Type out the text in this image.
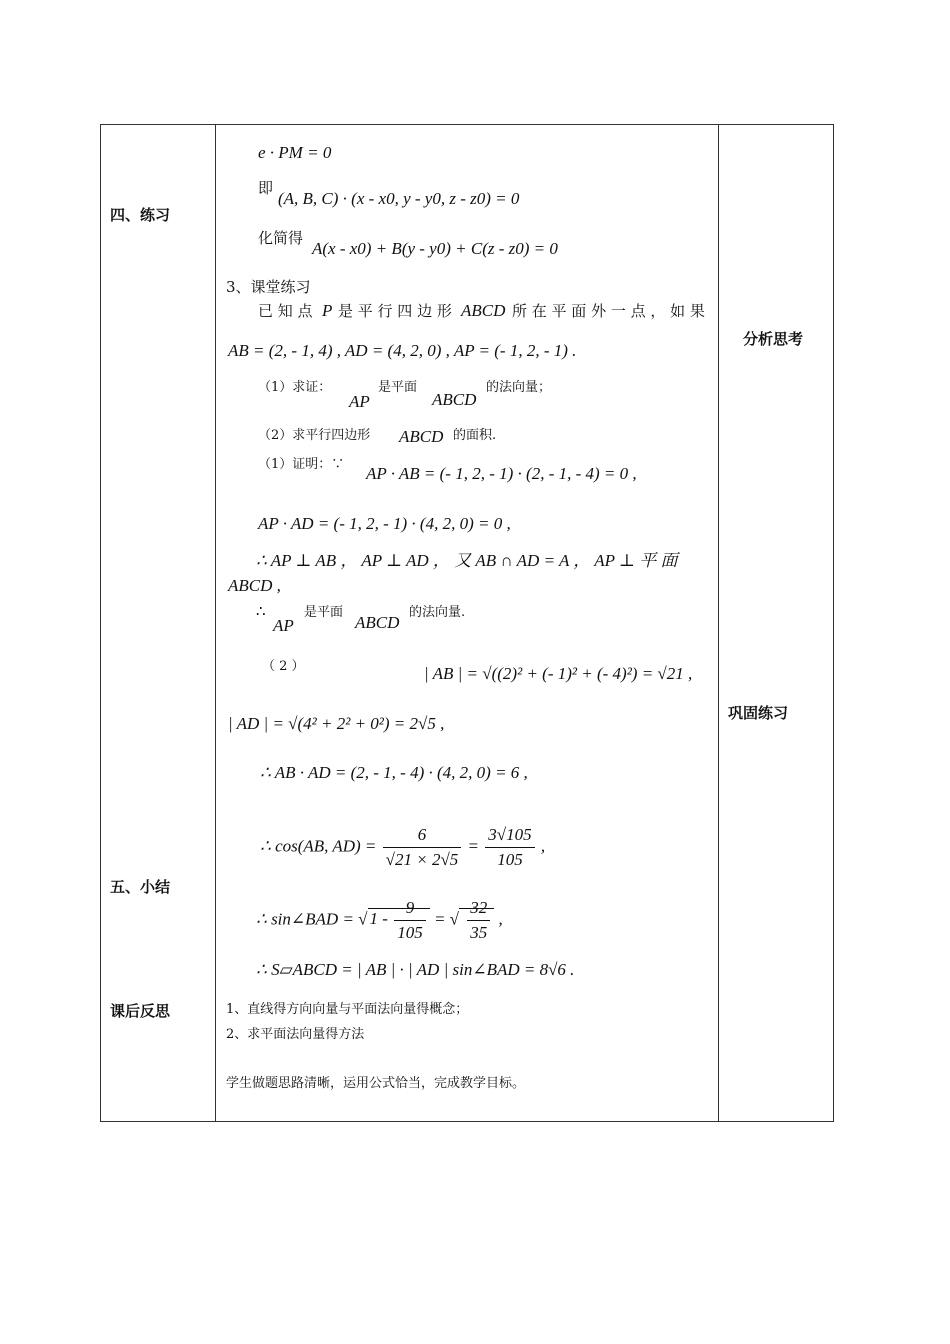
四、练习
五、小结
课后反思
分析思考
巩固练习
e · PM = 0
即
(A, B, C) · (x - x0, y - y0, z - z0) = 0
化简得
A(x - x0) + B(y - y0) + C(z - z0) = 0
3、课堂练习
已 知 点 P 是 平 行 四 边 形 ABCD 所 在 平 面 外 一 点 ， 如 果
AB = (2, - 1, 4) , AD = (4, 2, 0) , AP = (- 1, 2, - 1) .
（1）求证：
AP
是平面
ABCD
的法向量；
（2）求平行四边形 ABCD 的面积.
（1）证明：∵ AP · AB = (- 1, 2, - 1) · (2, - 1, - 4) = 0 ,
AP · AD = (- 1, 2, - 1) · (4, 2, 0) = 0 ,
∴ AP ⊥ AB ， AP ⊥ AD ， 又 AB ∩ AD = A ， AP ⊥ 平 面
ABCD ,
∴
AP
是平面
ABCD
的法向量.
（ 2 ）	| AB | = √((2)² + (- 1)² + (- 4)²) = √21 ,
| AD | = √(4² + 2² + 0²) = 2√5 ,
∴ AB · AD = (2, - 1, - 4) · (4, 2, 0) = 6 ,
∴ cos(AB, $AD) = \frac{6}{√21 \times 2√5} = \frac{3√105}{105}$ ,
∴ sin∠BAD = √ $1 - \frac{9}{105}$ = √ $\frac{32}{35}$ ,
∴ S▱ABCD = | AB | · | AD | sin∠BAD = 8√6 .
1、直线得方向向量与平面法向量得概念；
2、求平面法向量得方法
学生做题思路清晰，运用公式恰当，完成教学目标。
